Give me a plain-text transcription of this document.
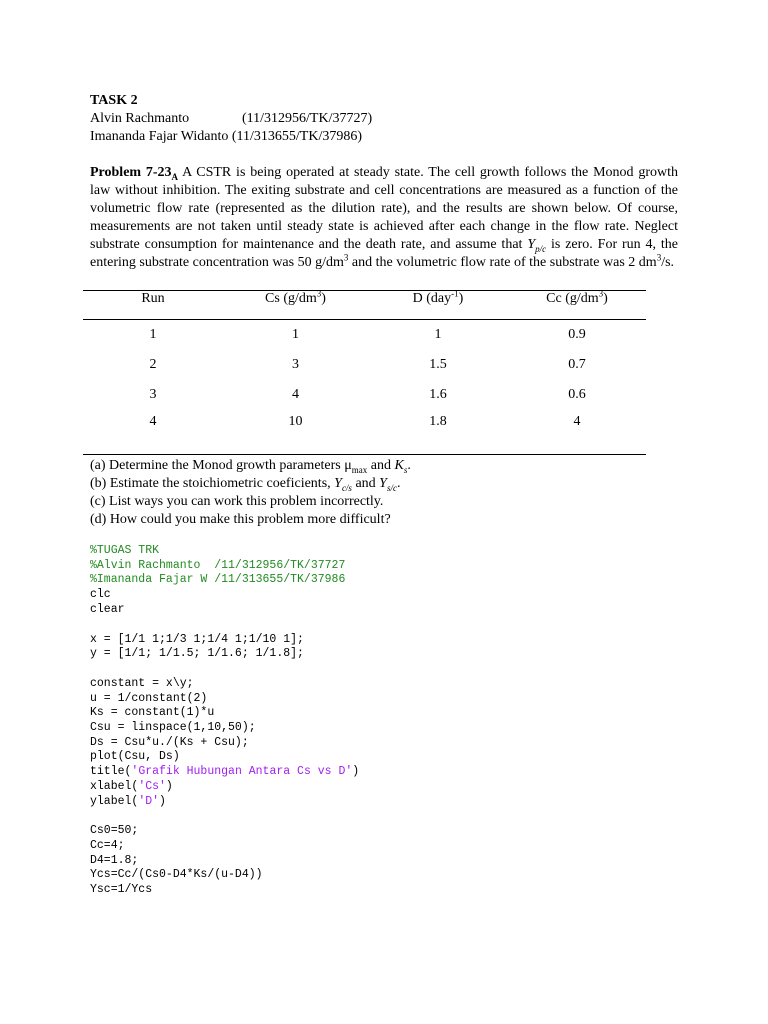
TASK 2

Alvin Rachmanto	(11/312956/TK/37727)

Imananda Fajar Widanto
(11/313655/TK/37986)

Problem $7-23_A$ A CSTR is being operated at steady state. The cell growth follows the Monod growth law without inhibition. The exiting substrate and cell concentrations are measured as a function of the volumetric flow rate (represented as the dilution rate), and the results are shown below. Of course, measurements are not taken until steady state is achieved after each change in the flow rate. Neglect substrate consumption for maintenance and the death rate, and assume that $Y_{p/c}$ is zero. For run 4, the entering substrate concentration was 50 $g/dm^3$ and the volumetric flow rate of the substrate was 2 $dm^3/s$.
Run	Cs $(g/dm^3)$	D (day$^{-1}$)	Cc $(g/dm^3)$
1	1	1	0.9
2	3	1.5	0.7
3	4	1.6	0.6
4	10	1.8	4

(a) Determine the Monod growth parameters $\mu_{max}$ and $K_s$.

(b) Estimate the stoichiometric coeficients, $Y_{c/s}$ and $Y_{s/c}$.

(c) List ways you can work this problem incorrectly.

(d) How could you make this problem more difficult?

%TUGAS TRK
%Alvin Rachmanto  /11/312956/TK/37727
%Imananda Fajar W /11/313655/TK/37986
clc
clear
x = [1/1 1;1/3 1;1/4 1;1/10 1];
y = [1/1; 1/1.5; 1/1.6; 1/1.8];
constant = x\y;
u = 1/constant(2)
Ks = constant(1)*u
Csu = linspace(1,10,50);
Ds = Csu*u./(Ks + Csu);
plot(Csu, Ds)
title('Grafik Hubungan Antara Cs vs D')
xlabel('Cs')
ylabel('D')
Cs0=50;
Cc=4;
D4=1.8;
Ycs=Cc/(Cs0-D4*Ks/(u-D4))
Ysc=1/Ycs
